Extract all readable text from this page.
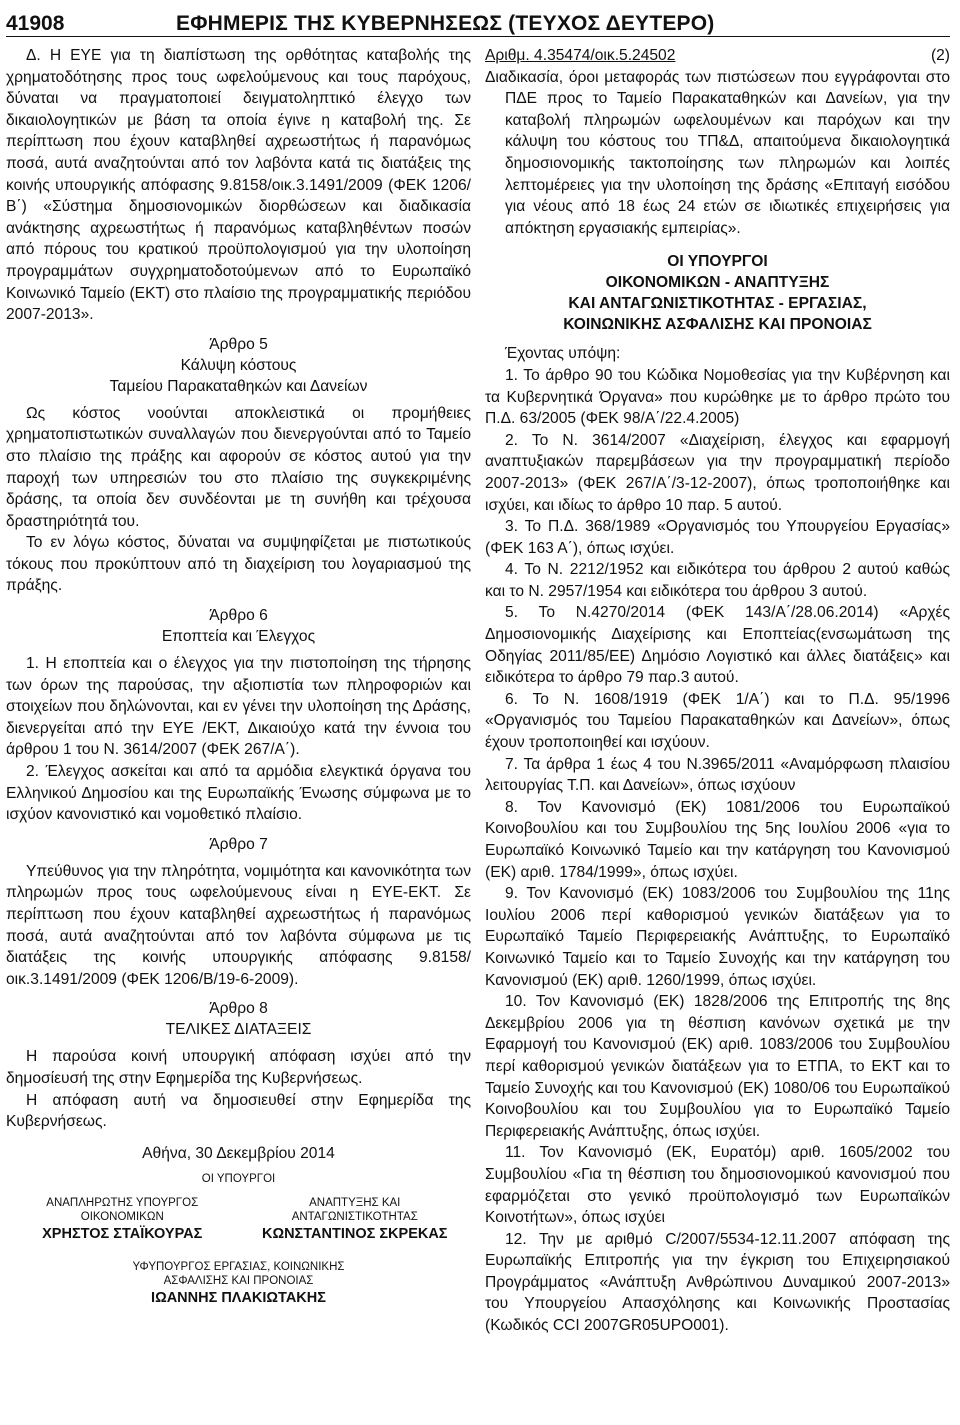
41908	ΕΦΗΜΕΡΙΣ ΤΗΣ ΚΥΒΕΡΝΗΣΕΩΣ (ΤΕΥΧΟΣ ΔΕΥΤΕΡΟ)

Δ. Η ΕΥΕ για τη διαπίστωση της ορθότητας καταβολής της χρηματοδότησης προς τους ωφελούμενους και τους παρόχους, δύναται να πραγματοποιεί δειγματοληπτικό έλεγχο των δικαιολογητικών με βάση τα οποία έγινε η καταβολή της. Σε περίπτωση που έχουν καταβληθεί αχρεωστήτως ή παρανόμως ποσά, αυτά αναζητούνται από τον λαβόντα κατά τις διατάξεις της κοινής υπουργικής απόφασης 9.8158/οικ.3.1491/2009 (ΦΕΚ 1206/Β΄) «Σύστημα δημοσιονομικών διορθώσεων και διαδικασία ανάκτησης αχρεωστήτως ή παρανόμως καταβληθέντων ποσών από πόρους του κρατικού προϋπολογισμού για την υλοποίηση προγραμμάτων συγχρηματοδοτούμενων από το Ευρωπαϊκό Κοινωνικό Ταμείο (ΕΚΤ) στο πλαίσιο της προγραμματικής περιόδου 2007-2013».

Άρθρο 5
Κάλυψη κόστους
Ταμείου Παρακαταθηκών και Δανείων

Ως κόστος νοούνται αποκλειστικά οι προμήθειες χρηματοπιστωτικών συναλλαγών που διενεργούνται από το Ταμείο στο πλαίσιο της πράξης και αφορούν σε κόστος αυτού για την παροχή των υπηρεσιών του στο πλαίσιο της συγκεκριμένης δράσης, τα οποία δεν συνδέονται με τη συνήθη και τρέχουσα δραστηριότητά του.

Το εν λόγω κόστος, δύναται να συμψηφίζεται με πιστωτικούς τόκους που προκύπτουν από τη διαχείριση του λογαριασμού της πράξης.

Άρθρο 6
Εποπτεία και Έλεγχος

1. Η εποπτεία και ο έλεγχος για την πιστοποίηση της τήρησης των όρων της παρούσας, την αξιοπιστία των πληροφοριών και στοιχείων που δηλώνονται, και εν γένει την υλοποίηση της Δράσης, διενεργείται από την ΕΥΕ /ΕΚΤ, Δικαιούχο κατά την έννοια του άρθρου 1 του Ν. 3614/2007 (ΦΕΚ 267/Α΄).

2. Έλεγχος ασκείται και από τα αρμόδια ελεγκτικά όργανα του Ελληνικού Δημοσίου και της Ευρωπαϊκής Ένωσης σύμφωνα με το ισχύον κανονιστικό και νομοθετικό πλαίσιο.

Άρθρο 7

Υπεύθυνος για την πληρότητα, νομιμότητα και κανονικότητα των πληρωμών προς τους ωφελούμενους είναι η ΕΥΕ-ΕΚΤ. Σε περίπτωση που έχουν καταβληθεί αχρεωστήτως ή παρανόμως ποσά, αυτά αναζητούνται από τον λαβόντα σύμφωνα με τις διατάξεις της κοινής υπουργικής απόφασης 9.8158/οικ.3.1491/2009 (ΦΕΚ 1206/Β/19-6-2009).

Άρθρο 8
ΤΕΛΙΚΕΣ ΔΙΑΤΑΞΕΙΣ

Η παρούσα κοινή υπουργική απόφαση ισχύει από την δημοσίευσή της στην Εφημερίδα της Κυβερνήσεως.

Η απόφαση αυτή να δημοσιευθεί στην Εφημερίδα της Κυβερνήσεως.

Αθήνα, 30 Δεκεμβρίου 2014
ΟΙ ΥΠΟΥΡΓΟΙ
ΑΝΑΠΛΗΡΩΤΗΣ ΥΠΟΥΡΓΟΣ
ΟΙΚΟΝΟΜΙΚΩΝ
ΧΡΗΣΤΟΣ ΣΤΑΪΚΟΥΡΑΣ
ΑΝΑΠΤΥΞΗΣ ΚΑΙ
ΑΝΤΑΓΩΝΙΣΤΙΚΟΤΗΤΑΣ
ΚΩΝΣΤΑΝΤΙΝΟΣ ΣΚΡΕΚΑΣ
ΥΦΥΠΟΥΡΓΟΣ ΕΡΓΑΣΙΑΣ, ΚΟΙΝΩΝΙΚΗΣ
ΑΣΦΑΛΙΣΗΣ ΚΑΙ ΠΡΟΝΟΙΑΣ
ΙΩΑΝΝΗΣ ΠΛΑΚΙΩΤΑΚΗΣ
Αριθμ. 4.35474/οικ.5.24502	(2)

Διαδικασία, όροι μεταφοράς των πιστώσεων που εγγράφονται στο ΠΔΕ προς το Ταμείο Παρακαταθηκών και Δανείων, για την καταβολή πληρωμών ωφελουμένων και παρόχων και την κάλυψη του κόστους του ΤΠ&Δ, απαιτούμενα δικαιολογητικά δημοσιονομικής τακτοποίησης των πληρωμών και λοιπές λεπτομέρειες για την υλοποίηση της δράσης «Επιταγή εισόδου για νέους από 18 έως 24 ετών σε ιδιωτικές επιχειρήσεις για απόκτηση εργασιακής εμπειρίας».

ΟΙ ΥΠΟΥΡΓΟΙ
ΟΙΚΟΝΟΜΙΚΩΝ - ΑΝΑΠΤΥΞΗΣ
ΚΑΙ ΑΝΤΑΓΩΝΙΣΤΙΚΟΤΗΤΑΣ - ΕΡΓΑΣΙΑΣ,
ΚΟΙΝΩΝΙΚΗΣ ΑΣΦΑΛΙΣΗΣ ΚΑΙ ΠΡΟΝΟΙΑΣ

Έχοντας υπόψη:

1. Το άρθρο 90 του Κώδικα Νομοθεσίας για την Κυβέρνηση και τα Κυβερνητικά Όργανα» που κυρώθηκε με το άρθρο πρώτο του Π.Δ. 63/2005 (ΦΕΚ 98/Α΄/22.4.2005)

2. Το Ν. 3614/2007 «Διαχείριση, έλεγχος και εφαρμογή αναπτυξιακών παρεμβάσεων για την προγραμματική περίοδο 2007-2013» (ΦΕΚ 267/Α΄/3-12-2007), όπως τροποποιήθηκε και ισχύει, και ιδίως το άρθρο 10 παρ. 5 αυτού.

3. Το Π.Δ. 368/1989 «Οργανισμός του Υπουργείου Εργασίας» (ΦΕΚ 163 Α΄), όπως ισχύει.

4. Το Ν. 2212/1952 και ειδικότερα του άρθρου 2 αυτού καθώς και το Ν. 2957/1954 και ειδικότερα του άρθρου 3 αυτού.

5. Το Ν.4270/2014 (ΦΕΚ 143/Α΄/28.06.2014) «Αρχές Δημοσιονομικής Διαχείρισης και Εποπτείας(ενσωμάτωση της Οδηγίας 2011/85/ΕΕ) Δημόσιο Λογιστικό και άλλες διατάξεις» και ειδικότερα το άρθρο 79 παρ.3 αυτού.

6. Το Ν. 1608/1919 (ΦΕΚ 1/Α΄) και το Π.Δ. 95/1996 «Οργανισμός του Ταμείου Παρακαταθηκών και Δανείων», όπως έχουν τροποποιηθεί και ισχύουν.

7. Τα άρθρα 1 έως 4 του Ν.3965/2011 «Αναμόρφωση πλαισίου λειτουργίας Τ.Π. και Δανείων», όπως ισχύουν

8. Τον Κανονισμό (ΕΚ) 1081/2006 του Ευρωπαϊκού Κοινοβουλίου και του Συμβουλίου της 5ης Ιουλίου 2006 «για το Ευρωπαϊκό Κοινωνικό Ταμείο και την κατάργηση του Κανονισμού (ΕΚ) αριθ. 1784/1999», όπως ισχύει.

9. Τον Κανονισμό (ΕΚ) 1083/2006 του Συμβουλίου της 11ης Ιουλίου 2006 περί καθορισμού γενικών διατάξεων για το Ευρωπαϊκό Ταμείο Περιφερειακής Ανάπτυξης, το Ευρωπαϊκό Κοινωνικό Ταμείο και το Ταμείο Συνοχής και την κατάργηση του Κανονισμού (ΕΚ) αριθ. 1260/1999, όπως ισχύει.

10. Τον Κανονισμό (ΕΚ) 1828/2006 της Επιτροπής της 8ης Δεκεμβρίου 2006 για τη θέσπιση κανόνων σχετικά με την Εφαρμογή του Κανονισμού (ΕΚ) αριθ. 1083/2006 του Συμβουλίου περί καθορισμού γενικών διατάξεων για το ΕΤΠΑ, το ΕΚΤ και το Ταμείο Συνοχής και του Κανονισμού (ΕΚ) 1080/06 του Ευρωπαϊκού Κοινοβουλίου και του Συμβουλίου για το Ευρωπαϊκό Ταμείο Περιφερειακής Ανάπτυξης, όπως ισχύει.

11. Τον Κανονισμό (ΕΚ, Ευρατόμ) αριθ. 1605/2002 του Συμβουλίου «Για τη θέσπιση του δημοσιονομικού κανονισμού που εφαρμόζεται στο γενικό προϋπολογισμό των Ευρωπαϊκών Κοινοτήτων», όπως ισχύει

12. Την με αριθμό C/2007/5534-12.11.2007 απόφαση της Ευρωπαϊκής Επιτροπής για την έγκριση του Επιχειρησιακού Προγράμματος «Ανάπτυξη Ανθρώπινου Δυναμικού 2007-2013» του Υπουργείου Απασχόλησης και Κοινωνικής Προστασίας (Κωδικός CCI 2007GR05UPO001).
